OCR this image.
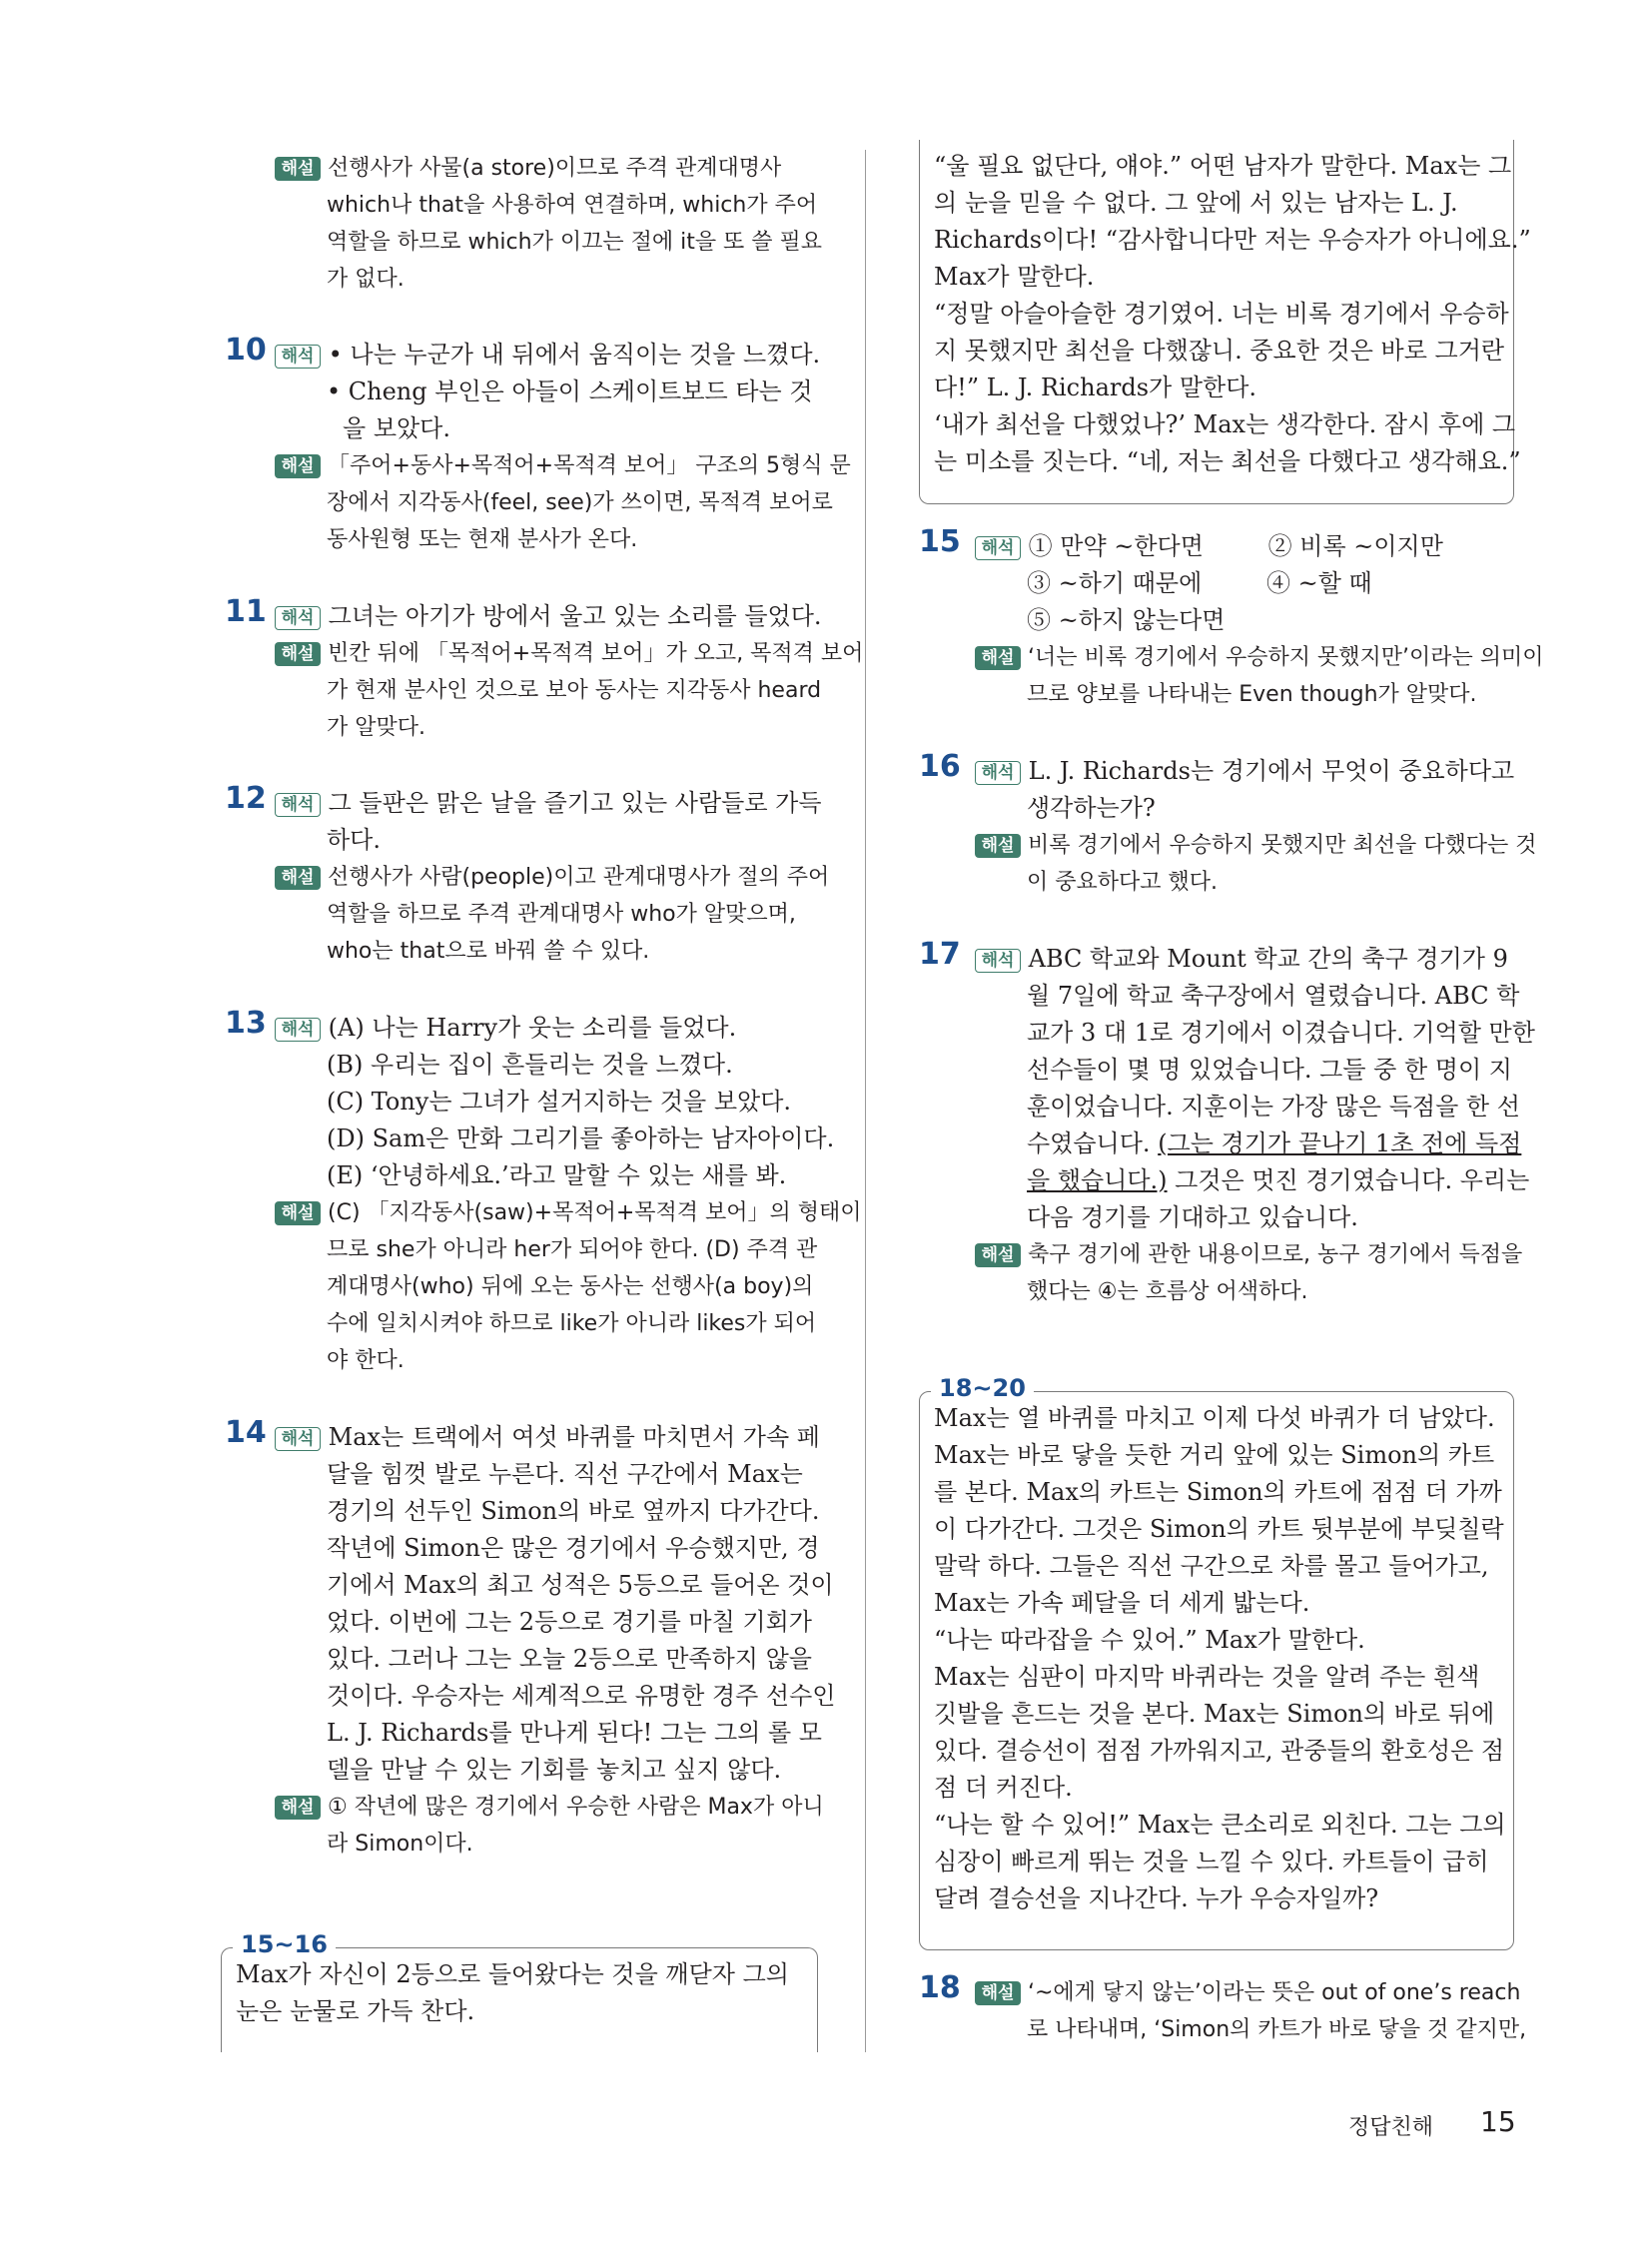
해설 선행사가 사물(a store)이므로 주격 관계대명사
which나 that을 사용하여 연결하며, which가 주어
역할을 하므로 which가 이끄는 절에 it을 또 쓸 필요
가 없다.
10 해석 • 나는 누군가 내 뒤에서 움직이는 것을 느꼈다.
• Cheng 부인은 아들이 스케이트보드 타는 것
을 보았다.
해설 「주어+동사+목적어+목적격 보어」 구조의 5형식 문
장에서 지각동사(feel, see)가 쓰이면, 목적격 보어로
동사원형 또는 현재 분사가 온다.
11 해석 그녀는 아기가 방에서 울고 있는 소리를 들었다.
해설 빈칸 뒤에 「목적어+목적격 보어」가 오고, 목적격 보어
가 현재 분사인 것으로 보아 동사는 지각동사 heard
가 알맞다.
12 해석 그 들판은 맑은 날을 즐기고 있는 사람들로 가득
하다.
해설 선행사가 사람(people)이고 관계대명사가 절의 주어
역할을 하므로 주격 관계대명사 who가 알맞으며,
who는 that으로 바꿔 쓸 수 있다.
13 해석 (A) 나는 Harry가 웃는 소리를 들었다.
(B) 우리는 집이 흔들리는 것을 느꼈다.
(C) Tony는 그녀가 설거지하는 것을 보았다.
(D) Sam은 만화 그리기를 좋아하는 남자아이다.
(E) ‘안녕하세요.’라고 말할 수 있는 새를 봐.
해설 (C) 「지각동사(saw)+목적어+목적격 보어」의 형태이
므로 she가 아니라 her가 되어야 한다. (D) 주격 관
계대명사(who) 뒤에 오는 동사는 선행사(a boy)의
수에 일치시켜야 하므로 like가 아니라 likes가 되어
야 한다.
14 해석 Max는 트랙에서 여섯 바퀴를 마치면서 가속 페
달을 힘껏 발로 누른다. 직선 구간에서 Max는
경기의 선두인 Simon의 바로 옆까지 다가간다.
작년에 Simon은 많은 경기에서 우승했지만, 경
기에서 Max의 최고 성적은 5등으로 들어온 것이
었다. 이번에 그는 2등으로 경기를 마칠 기회가
있다. 그러나 그는 오늘 2등으로 만족하지 않을
것이다. 우승자는 세계적으로 유명한 경주 선수인
L. J. Richards를 만나게 된다! 그는 그의 롤 모
델을 만날 수 있는 기회를 놓치고 싶지 않다.
해설 ① 작년에 많은 경기에서 우승한 사람은 Max가 아니
라 Simon이다.
Max가 자신이 2등으로 들어왔다는 것을 깨닫자 그의
눈은 눈물로 가득 찬다.
15~16
“울 필요 없단다, 얘야.” 어떤 남자가 말한다. Max는 그
의 눈을 믿을 수 없다. 그 앞에 서 있는 남자는 L. J.
Richards이다! “감사합니다만 저는 우승자가 아니에요.”
Max가 말한다.
“정말 아슬아슬한 경기였어. 너는 비록 경기에서 우승하
지 못했지만 최선을 다했잖니. 중요한 것은 바로 그거란
다!” L. J. Richards가 말한다.
‘내가 최선을 다했었나?’ Max는 생각한다. 잠시 후에 그
는 미소를 짓는다. “네, 저는 최선을 다했다고 생각해요.”
15	해석 ① 만약 ~한다면	② 비록 ~이지만
③ ~하기 때문에	④ ~할 때
⑤ ~하지 않는다면
해설 ‘너는 비록 경기에서 우승하지 못했지만’이라는 의미이
므로 양보를 나타내는 Even though가 알맞다.
16	해석 L. J. Richards는 경기에서 무엇이 중요하다고
생각하는가?
해설 비록 경기에서 우승하지 못했지만 최선을 다했다는 것
이 중요하다고 했다.
17	해석 ABC 학교와 Mount 학교 간의 축구 경기가 9
월 7일에 학교 축구장에서 열렸습니다. ABC 학
교가 3 대 1로 경기에서 이겼습니다. 기억할 만한
선수들이 몇 명 있었습니다. 그들 중 한 명이 지
훈이었습니다. 지훈이는 가장 많은 득점을 한 선
수였습니다. (그는 경기가 끝나기 1초 전에 득점
을 했습니다.) 그것은 멋진 경기였습니다. 우리는
다음 경기를 기대하고 있습니다.
해설 축구 경기에 관한 내용이므로, 농구 경기에서 득점을
했다는 ④는 흐름상 어색하다.
Max는 열 바퀴를 마치고 이제 다섯 바퀴가 더 남았다.
Max는 바로 닿을 듯한 거리 앞에 있는 Simon의 카트
를 본다. Max의 카트는 Simon의 카트에 점점 더 가까
이 다가간다. 그것은 Simon의 카트 뒷부분에 부딪칠락
말락 하다. 그들은 직선 구간으로 차를 몰고 들어가고,
Max는 가속 페달을 더 세게 밟는다.
“나는 따라잡을 수 있어.” Max가 말한다.
Max는 심판이 마지막 바퀴라는 것을 알려 주는 흰색
깃발을 흔드는 것을 본다. Max는 Simon의 바로 뒤에
있다. 결승선이 점점 가까워지고, 관중들의 환호성은 점
점 더 커진다.
“나는 할 수 있어!” Max는 큰소리로 외친다. 그는 그의
심장이 빠르게 뛰는 것을 느낄 수 있다. 카트들이 급히
달려 결승선을 지나간다. 누가 우승자일까?
18~20
18	해설 ‘~에게 닿지 않는’이라는 뜻은 out of one’s reach
로 나타내며, ‘Simon의 카트가 바로 닿을 것 같지만,
정답친해 15
